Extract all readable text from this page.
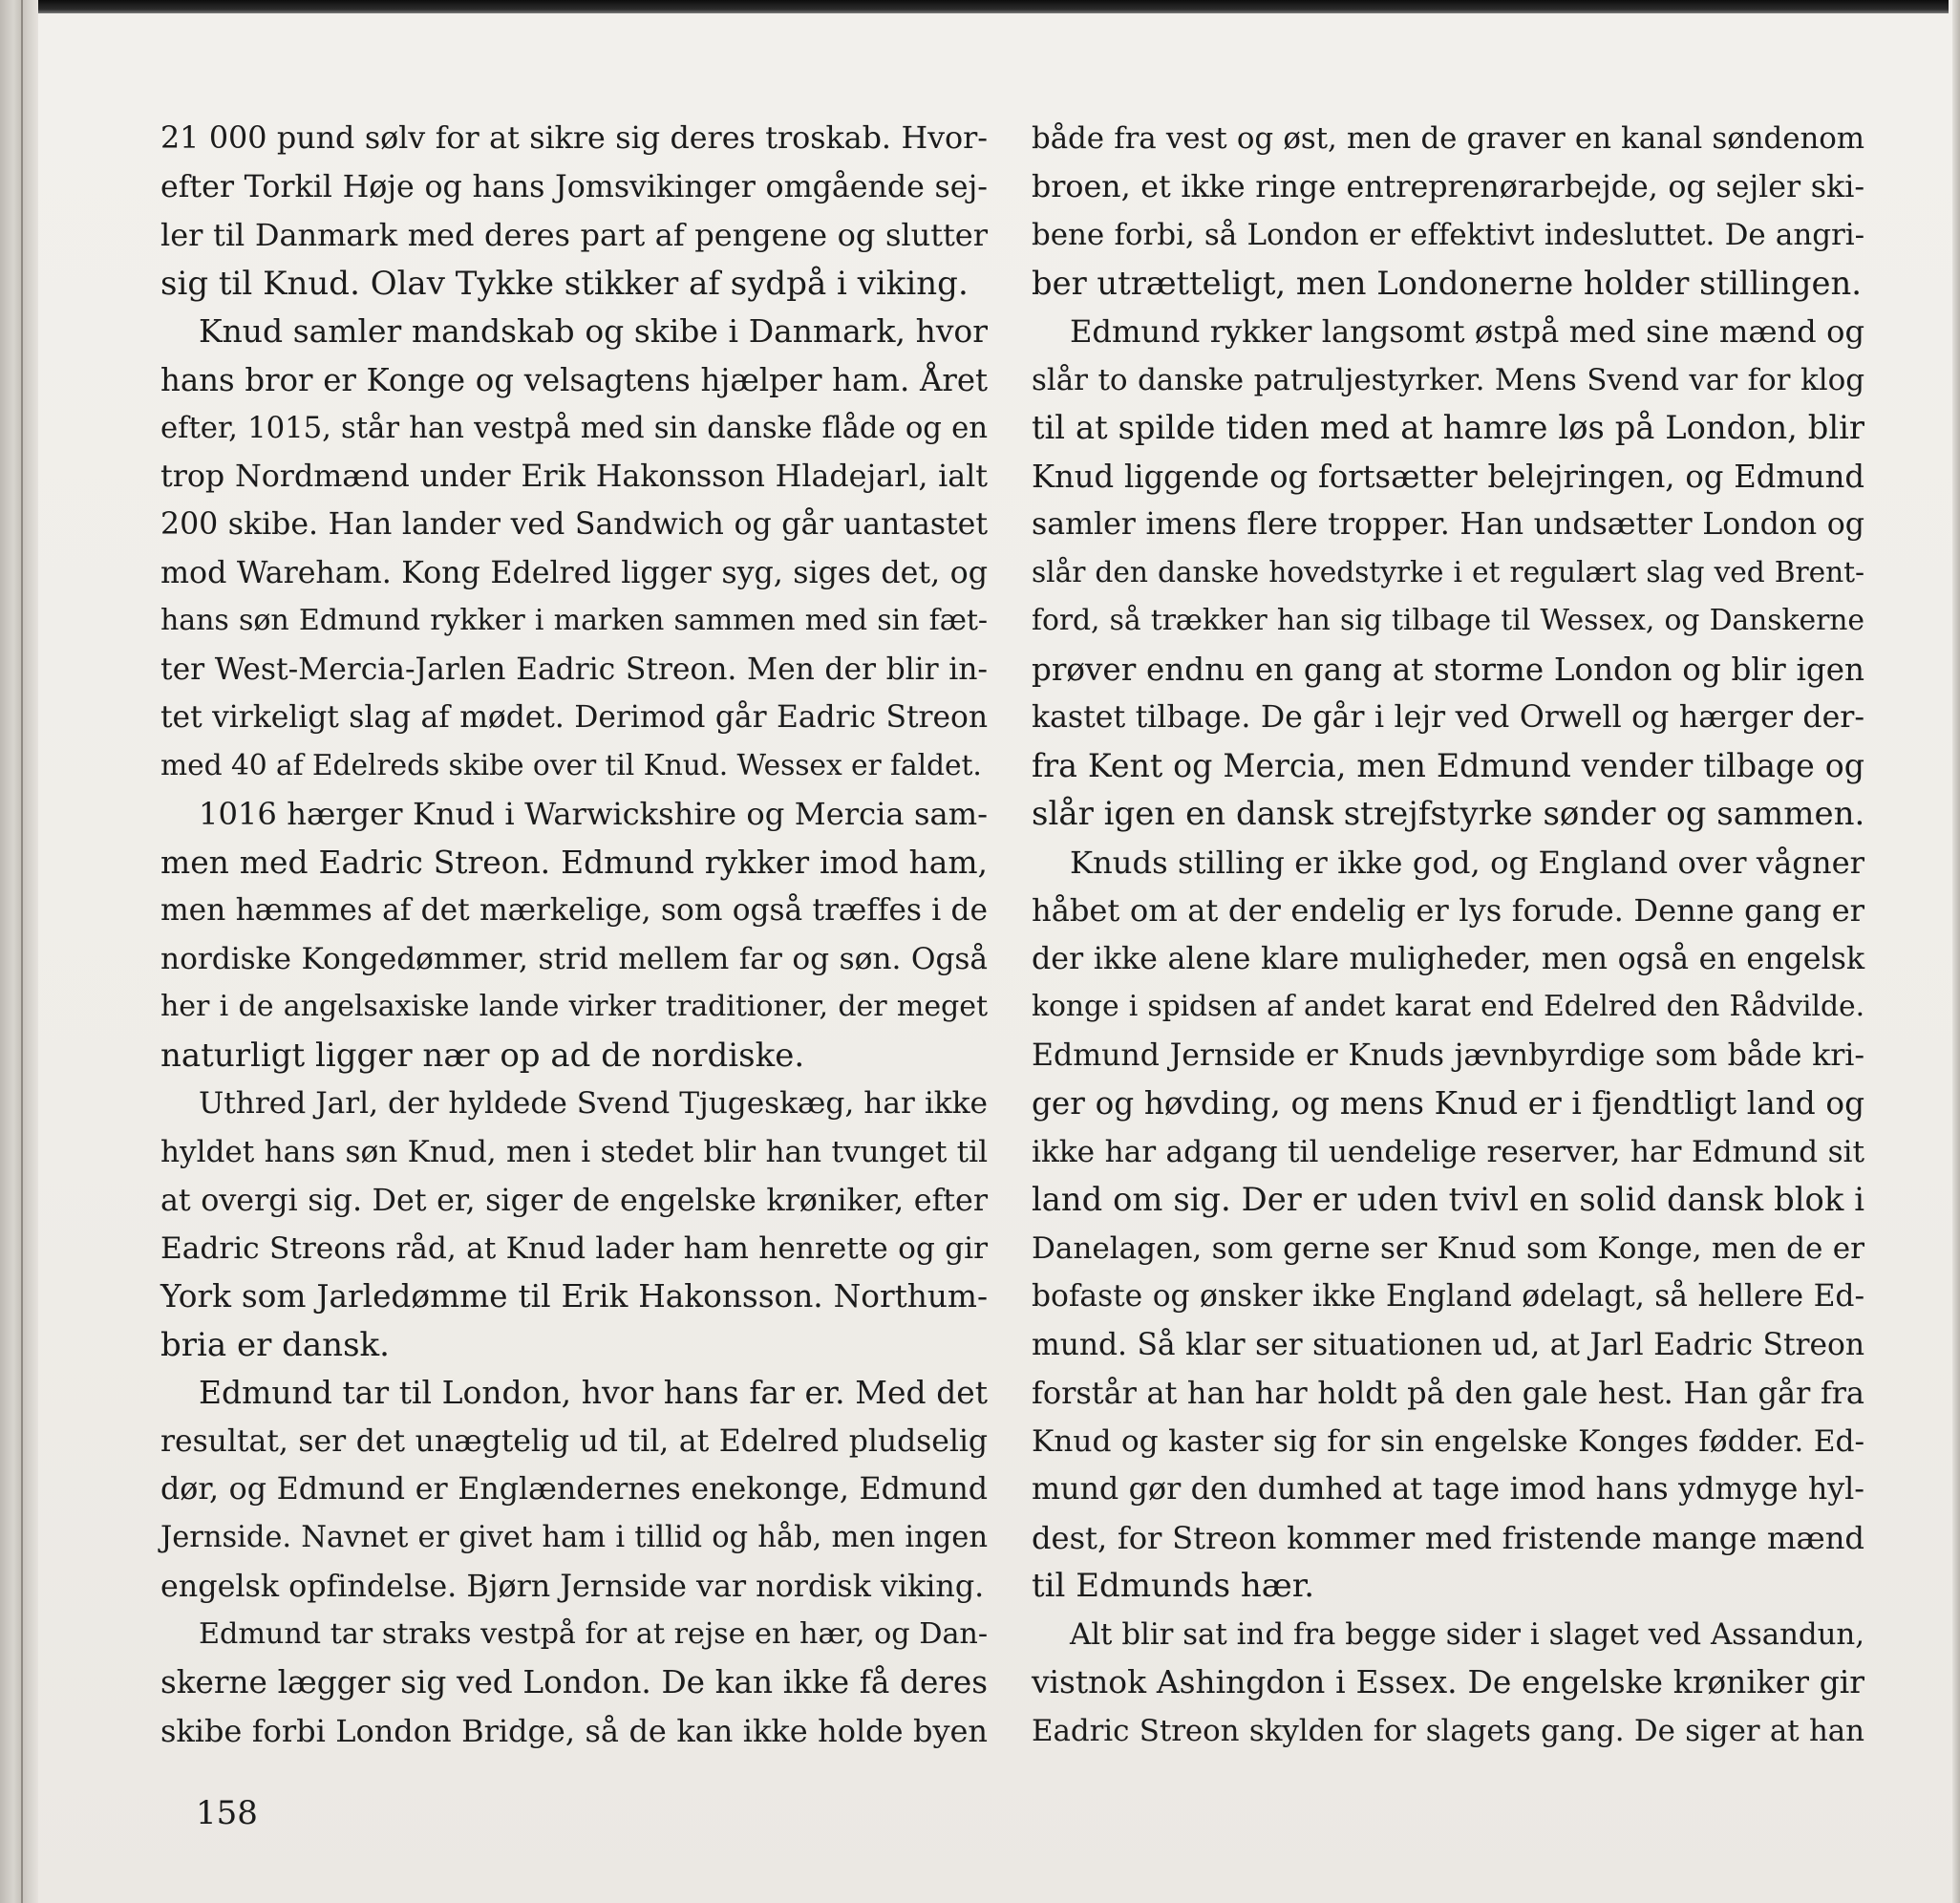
21 000 pund sølv for at sikre sig deres troskab. Hvor-
efter Torkil Høje og hans Jomsvikinger omgående sej-
ler til Danmark med deres part af pengene og slutter
sig til Knud. Olav Tykke stikker af sydpå i viking.
Knud samler mandskab og skibe i Danmark, hvor
hans bror er Konge og velsagtens hjælper ham. Året
efter, 1015, står han vestpå med sin danske flåde og en
trop Nordmænd under Erik Hakonsson Hladejarl, ialt
200 skibe. Han lander ved Sandwich og går uantastet
mod Wareham. Kong Edelred ligger syg, siges det, og
hans søn Edmund rykker i marken sammen med sin fæt-
ter West-Mercia-Jarlen Eadric Streon. Men der blir in-
tet virkeligt slag af mødet. Derimod går Eadric Streon
med 40 af Edelreds skibe over til Knud. Wessex er faldet.
1016 hærger Knud i Warwickshire og Mercia sam-
men med Eadric Streon. Edmund rykker imod ham,
men hæmmes af det mærkelige, som også træffes i de
nordiske Kongedømmer, strid mellem far og søn. Også
her i de angelsaxiske lande virker traditioner, der meget
naturligt ligger nær op ad de nordiske.
Uthred Jarl, der hyldede Svend Tjugeskæg, har ikke
hyldet hans søn Knud, men i stedet blir han tvunget til
at overgi sig. Det er, siger de engelske krøniker, efter
Eadric Streons råd, at Knud lader ham henrette og gir
York som Jarledømme til Erik Hakonsson. Northum-
bria er dansk.
Edmund tar til London, hvor hans far er. Med det
resultat, ser det unægtelig ud til, at Edelred pludselig
dør, og Edmund er Englændernes enekonge, Edmund
Jernside. Navnet er givet ham i tillid og håb, men ingen
engelsk opfindelse. Bjørn Jernside var nordisk viking.
Edmund tar straks vestpå for at rejse en hær, og Dan-
skerne lægger sig ved London. De kan ikke få deres
skibe forbi London Bridge, så de kan ikke holde byen
både fra vest og øst, men de graver en kanal søndenom
broen, et ikke ringe entreprenørarbejde, og sejler ski-
bene forbi, så London er effektivt indesluttet. De angri-
ber utrætteligt, men Londonerne holder stillingen.
Edmund rykker langsomt østpå med sine mænd og
slår to danske patruljestyrker. Mens Svend var for klog
til at spilde tiden med at hamre løs på London, blir
Knud liggende og fortsætter belejringen, og Edmund
samler imens flere tropper. Han undsætter London og
slår den danske hovedstyrke i et regulært slag ved Brent-
ford, så trækker han sig tilbage til Wessex, og Danskerne
prøver endnu en gang at storme London og blir igen
kastet tilbage. De går i lejr ved Orwell og hærger der-
fra Kent og Mercia, men Edmund vender tilbage og
slår igen en dansk strejfstyrke sønder og sammen.
Knuds stilling er ikke god, og England over vågner
håbet om at der endelig er lys forude. Denne gang er
der ikke alene klare muligheder, men også en engelsk
konge i spidsen af andet karat end Edelred den Rådvilde.
Edmund Jernside er Knuds jævnbyrdige som både kri-
ger og høvding, og mens Knud er i fjendtligt land og
ikke har adgang til uendelige reserver, har Edmund sit
land om sig. Der er uden tvivl en solid dansk blok i
Danelagen, som gerne ser Knud som Konge, men de er
bofaste og ønsker ikke England ødelagt, så hellere Ed-
mund. Så klar ser situationen ud, at Jarl Eadric Streon
forstår at han har holdt på den gale hest. Han går fra
Knud og kaster sig for sin engelske Konges fødder. Ed-
mund gør den dumhed at tage imod hans ydmyge hyl-
dest, for Streon kommer med fristende mange mænd
til Edmunds hær.
Alt blir sat ind fra begge sider i slaget ved Assandun,
vistnok Ashingdon i Essex. De engelske krøniker gir
Eadric Streon skylden for slagets gang. De siger at han
158
